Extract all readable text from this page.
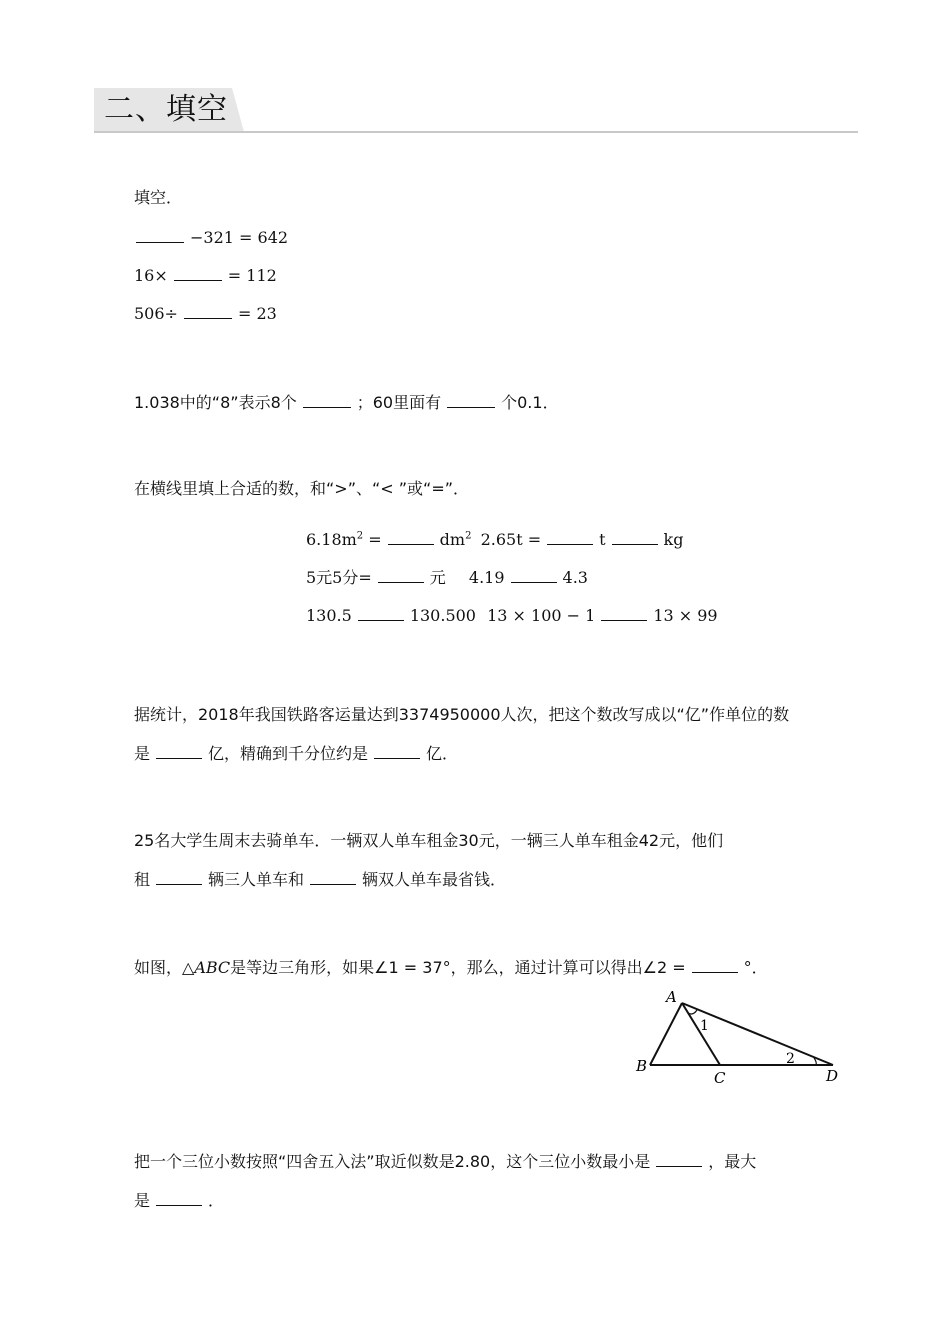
二、填空
填空．
−321 = 642
16×	= 112
506÷	= 23
1.038中的“8”表示8个	；60里面有	个0.1．
在横线里填上合适的数，和“>”、“< ”或“=”．
$6.18m^2$ =	$dm^2$ 2.65t =	t	kg
5元5分=	元 4.19	4.3
130.5	130.500 13 × 100 − 1	13 × 99
据统计，2018年我国铁路客运量达到3374950000人次，把这个数改写成以“亿”作单位的数
是	亿，精确到千分位约是	亿．
25名大学生周末去骑单车．一辆双人单车租金30元，一辆三人单车租金42元，他们
租	辆三人单车和	辆双人单车最省钱．
如图，△ABC是等边三角形，如果∠1 = 37°，那么，通过计算可以得出∠2 =	°．
A
B
C	D
1
2
把一个三位小数按照“四舍五入法”取近似数是2.80，这个三位小数最小是	，最大
是	．
